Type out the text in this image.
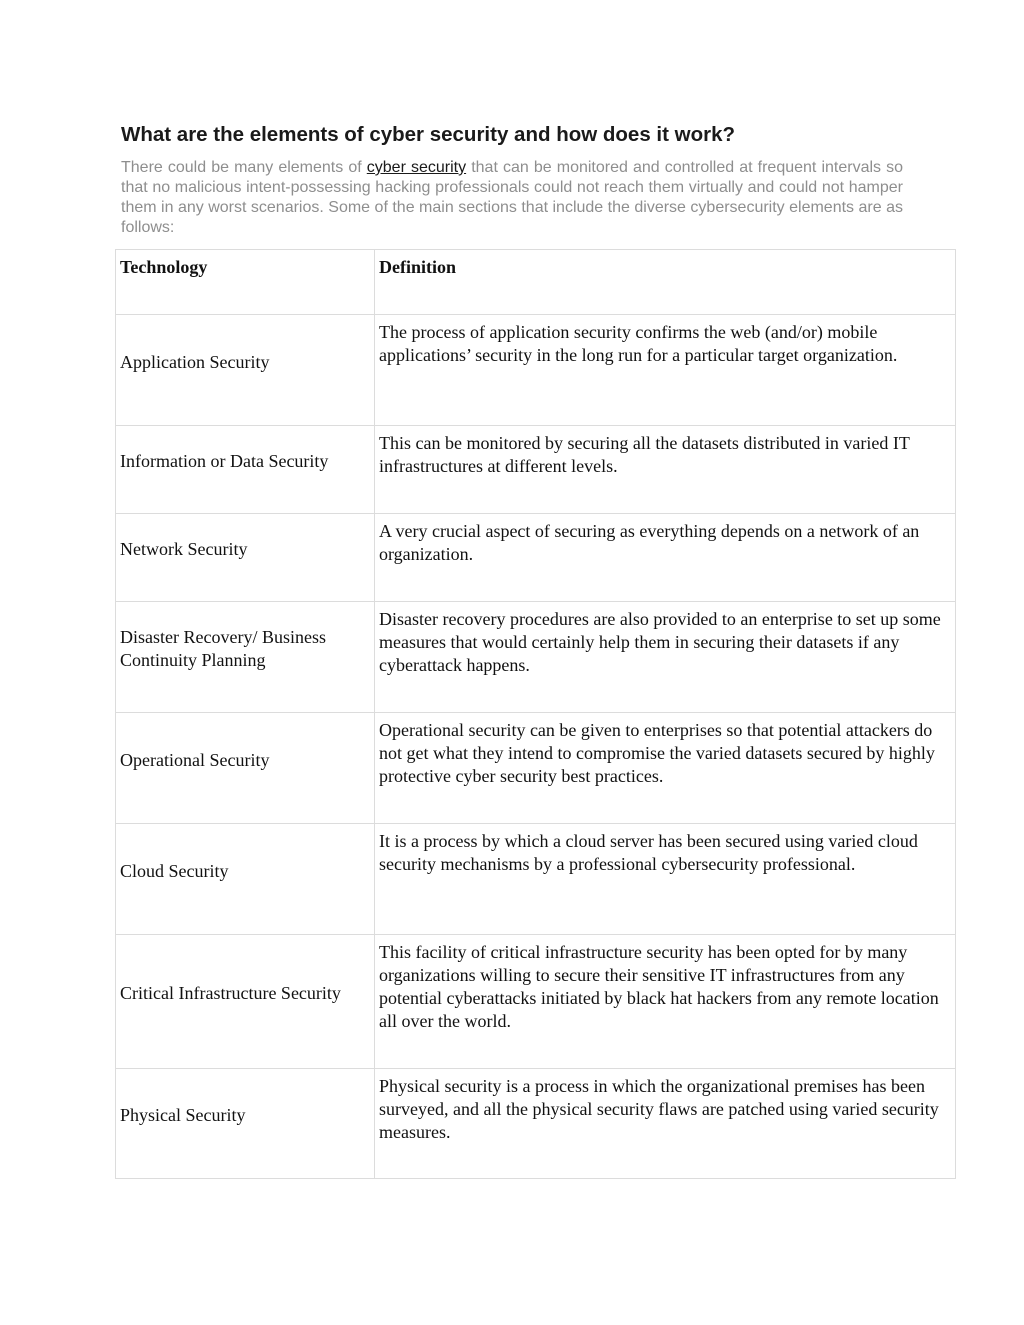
What are the elements of cyber security and how does it work?

There could be many elements of cyber security that can be monitored and controlled at frequent intervals so that no malicious intent-possessing hacking professionals could not reach them virtually and could not hamper them in any worst scenarios. Some of the main sections that include the diverse cybersecurity elements are as follows:

Technology	Definition
Application Security	The process of application security confirms the web (and/or) mobile applications’ security in the long run for a particular target organization.
Information or Data Security	This can be monitored by securing all the datasets distributed in varied IT infrastructures at different levels.
Network Security	A very crucial aspect of securing as everything depends on a network of an organization.
Disaster Recovery/ Business Continuity Planning	Disaster recovery procedures are also provided to an enterprise to set up some measures that would certainly help them in securing their datasets if any cyberattack happens.
Operational Security	Operational security can be given to enterprises so that potential attackers do not get what they intend to compromise the varied datasets secured by highly protective cyber security best practices.
Cloud Security	It is a process by which a cloud server has been secured using varied cloud security mechanisms by a professional cybersecurity professional.
Critical Infrastructure Security	This facility of critical infrastructure security has been opted for by many organizations willing to secure their sensitive IT infrastructures from any potential cyberattacks initiated by black hat hackers from any remote location all over the world.
Physical Security	Physical security is a process in which the organizational premises has been surveyed, and all the physical security flaws are patched using varied security measures.
